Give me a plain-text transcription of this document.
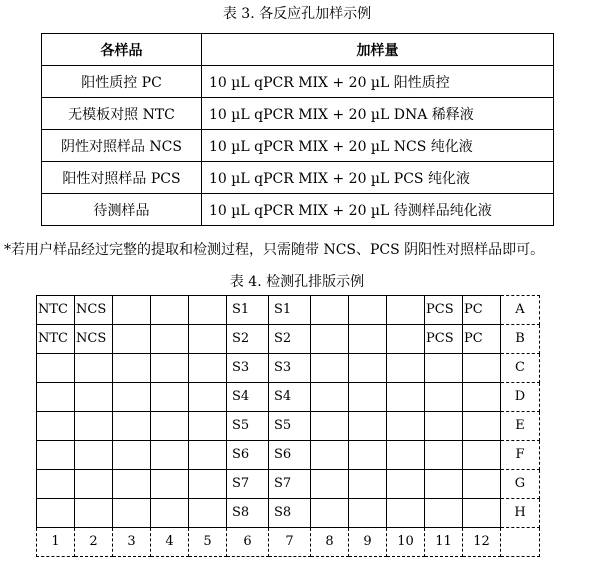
表 3. 各反应孔加样示例
各样品	加样量
阳性质控 PC	10 µL qPCR MIX + 20 µL 阳性质控
无模板对照 NTC	10 µL qPCR MIX + 20 µL DNA 稀释液
阴性对照样品 NCS	10 µL qPCR MIX + 20 µL NCS 纯化液
阳性对照样品 PCS	10 µL qPCR MIX + 20 µL PCS 纯化液
待测样品	10 µL qPCR MIX + 20 µL 待测样品纯化液
*若用户样品经过完整的提取和检测过程，只需随带 NCS、PCS 阴阳性对照样品即可。
表 4. 检测孔排版示例
NTC	NCS				S1	S1				PCS	PC	A
NTC	NCS				S2	S2				PCS	PC	B
					S3	S3						C
					S4	S4						D
					S5	S5						E
					S6	S6						F
					S7	S7						G
					S8	S8						H
1	2	3	4	5	6	7	8	9	10	11	12	
